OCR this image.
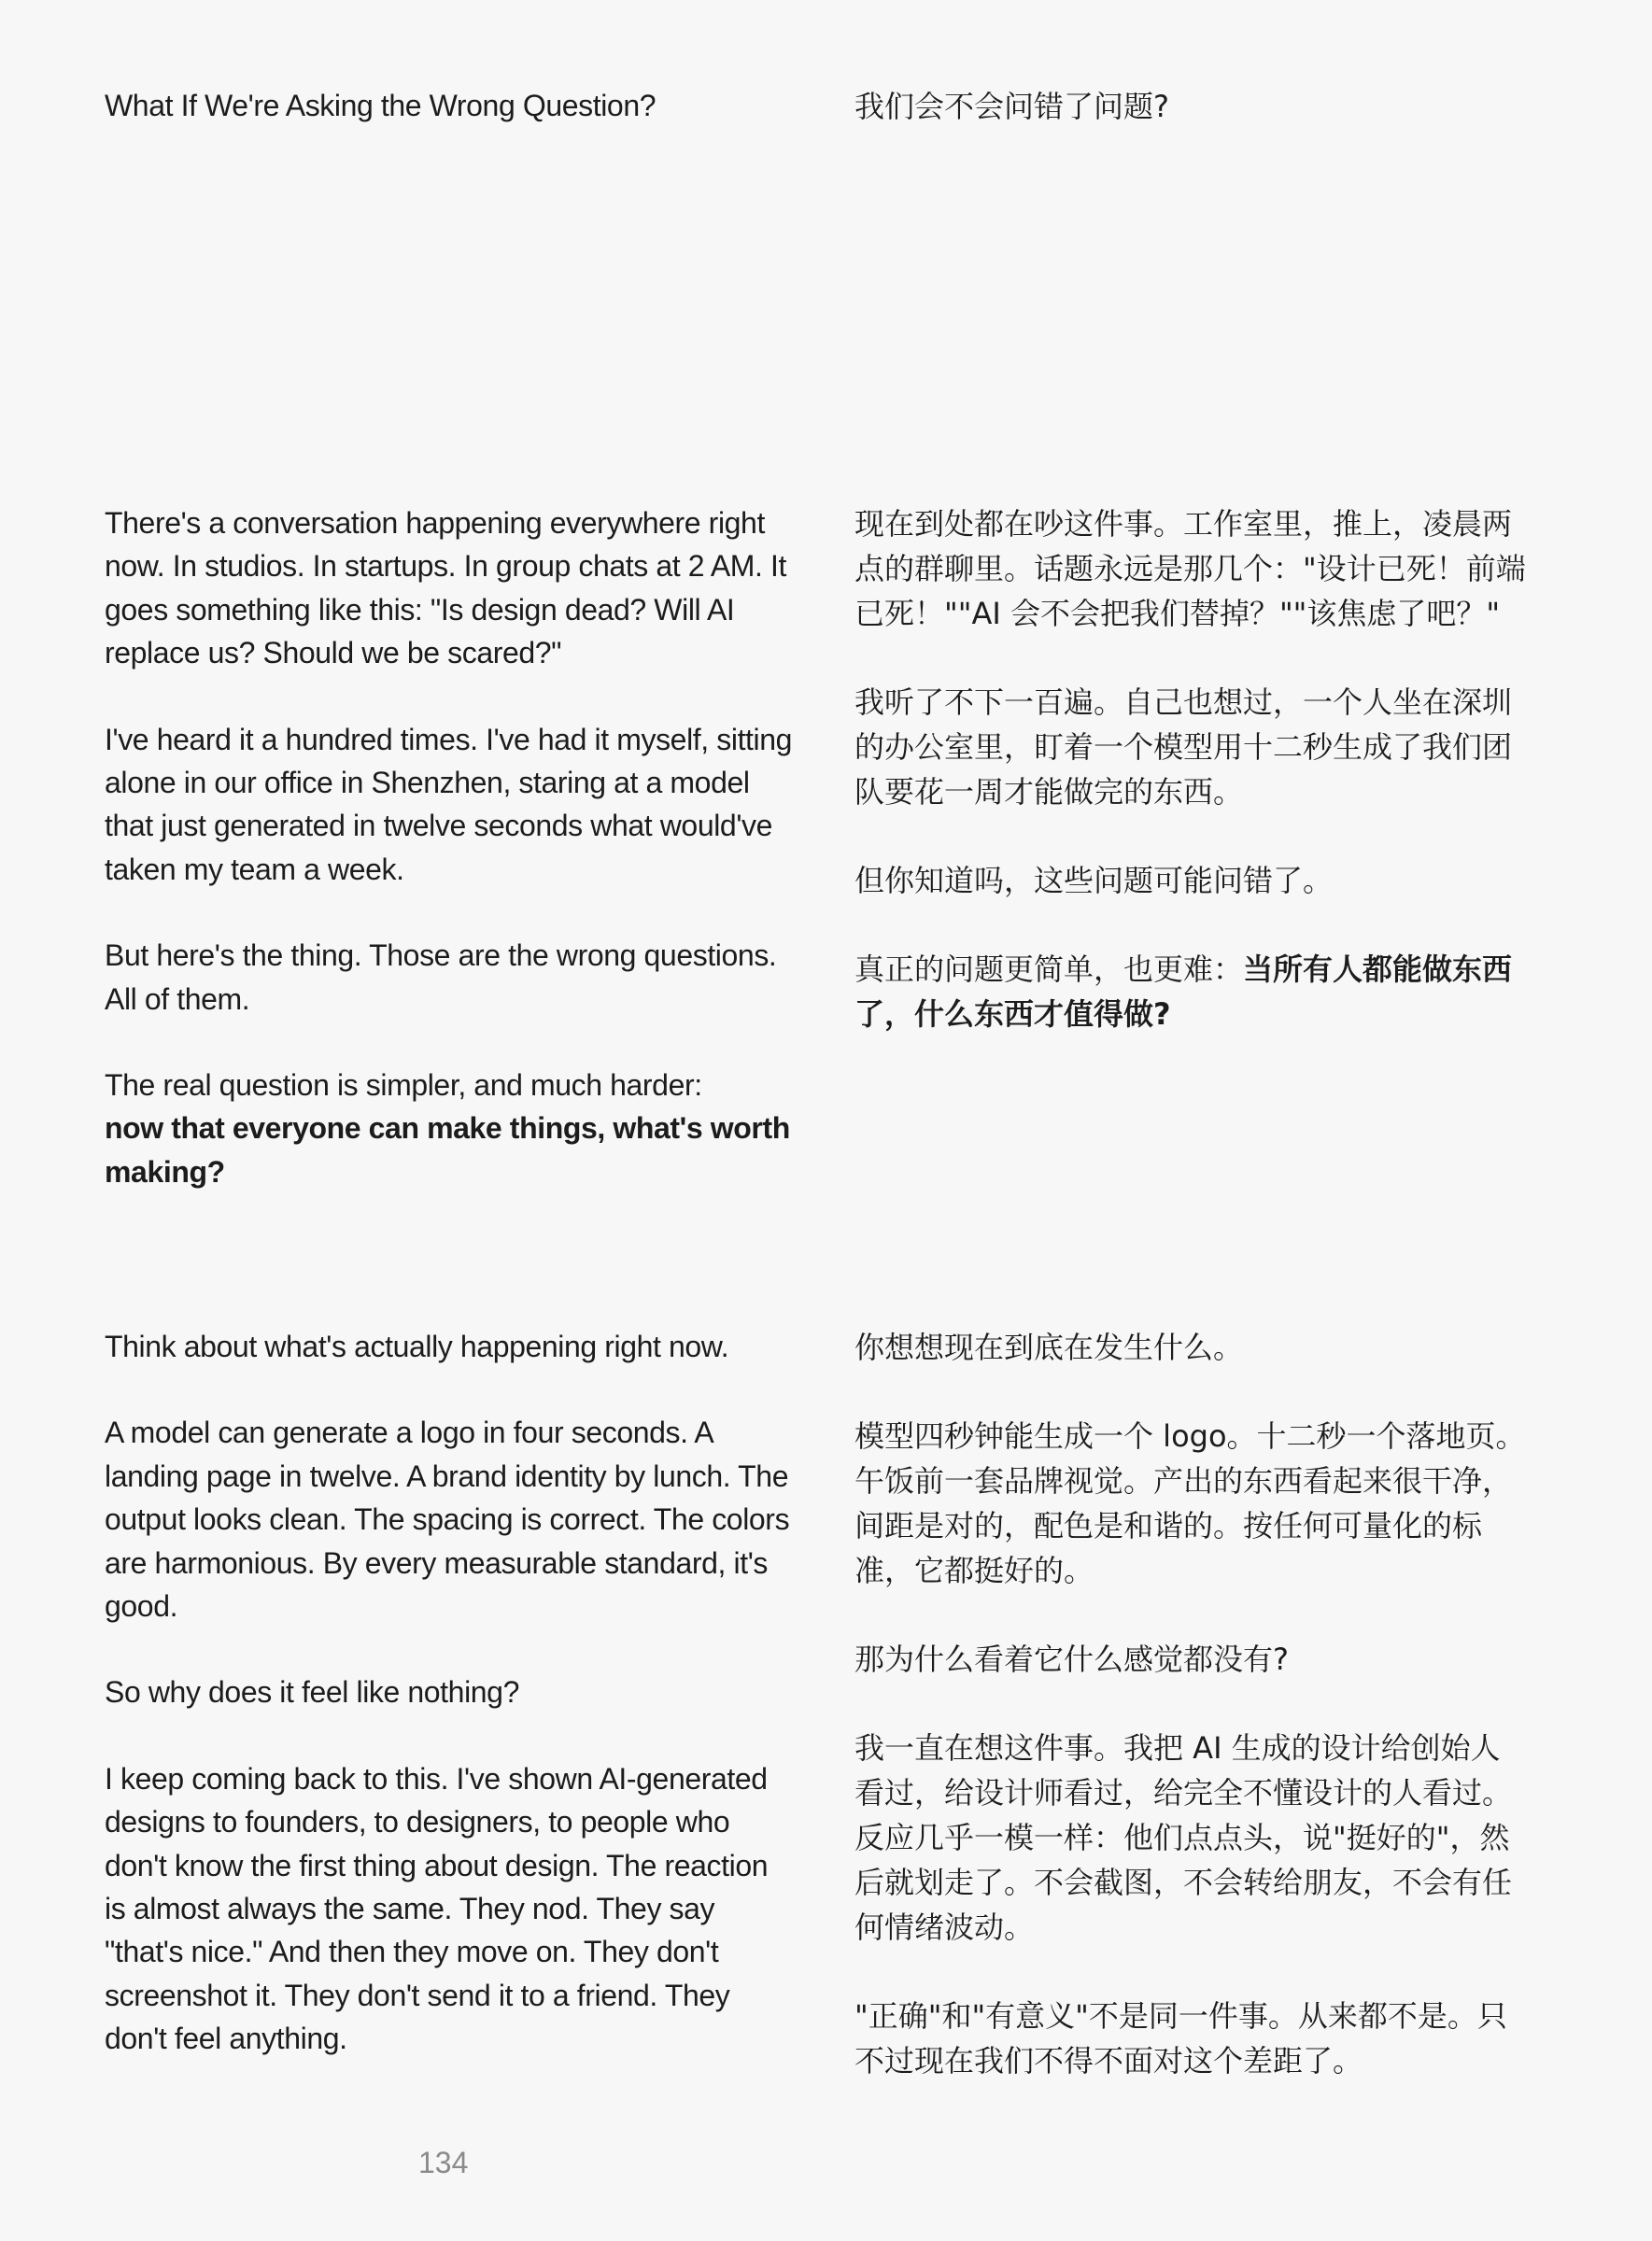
What If We're Asking the Wrong Question?	我们会不会问错了问题?

There's a conversation happening everywhere right now. In studios. In startups. In group chats at 2 AM. It goes something like this: "Is design dead? Will AI replace us? Should we be scared?"

I've heard it a hundred times. I've had it myself, sitting alone in our office in Shenzhen, staring at a model that just generated in twelve seconds what would've taken my team a week.

But here's the thing. Those are the wrong questions. All of them.

The real question is simpler, and much harder:
now that everyone can make things, what's worth making?

现在到处都在吵这件事。工作室里，推上，凌晨两点的群聊里。话题永远是那几个："设计已死！前端已死！""AI 会不会把我们替掉？""该焦虑了吧？"

我听了不下一百遍。自己也想过，一个人坐在深圳的办公室里，盯着一个模型用十二秒生成了我们团队要花一周才能做完的东西。

但你知道吗，这些问题可能问错了。

真正的问题更简单，也更难：当所有人都能做东西了，什么东西才值得做?

Think about what's actually happening right now.

A model can generate a logo in four seconds. A landing page in twelve. A brand identity by lunch. The output looks clean. The spacing is correct. The colors are harmonious. By every measurable standard, it's good.

So why does it feel like nothing?

I keep coming back to this. I've shown AI-generated designs to founders, to designers, to people who don't know the first thing about design. The reaction is almost always the same. They nod. They say "that's nice." And then they move on. They don't screenshot it. They don't send it to a friend. They don't feel anything.

你想想现在到底在发生什么。

模型四秒钟能生成一个 logo。十二秒一个落地页。午饭前一套品牌视觉。产出的东西看起来很干净，间距是对的，配色是和谐的。按任何可量化的标准，它都挺好的。

那为什么看着它什么感觉都没有?

我一直在想这件事。我把 AI 生成的设计给创始人看过，给设计师看过，给完全不懂设计的人看过。反应几乎一模一样：他们点点头，说"挺好的"，然后就划走了。不会截图，不会转给朋友，不会有任何情绪波动。

"正确"和"有意义"不是同一件事。从来都不是。只不过现在我们不得不面对这个差距了。

134
